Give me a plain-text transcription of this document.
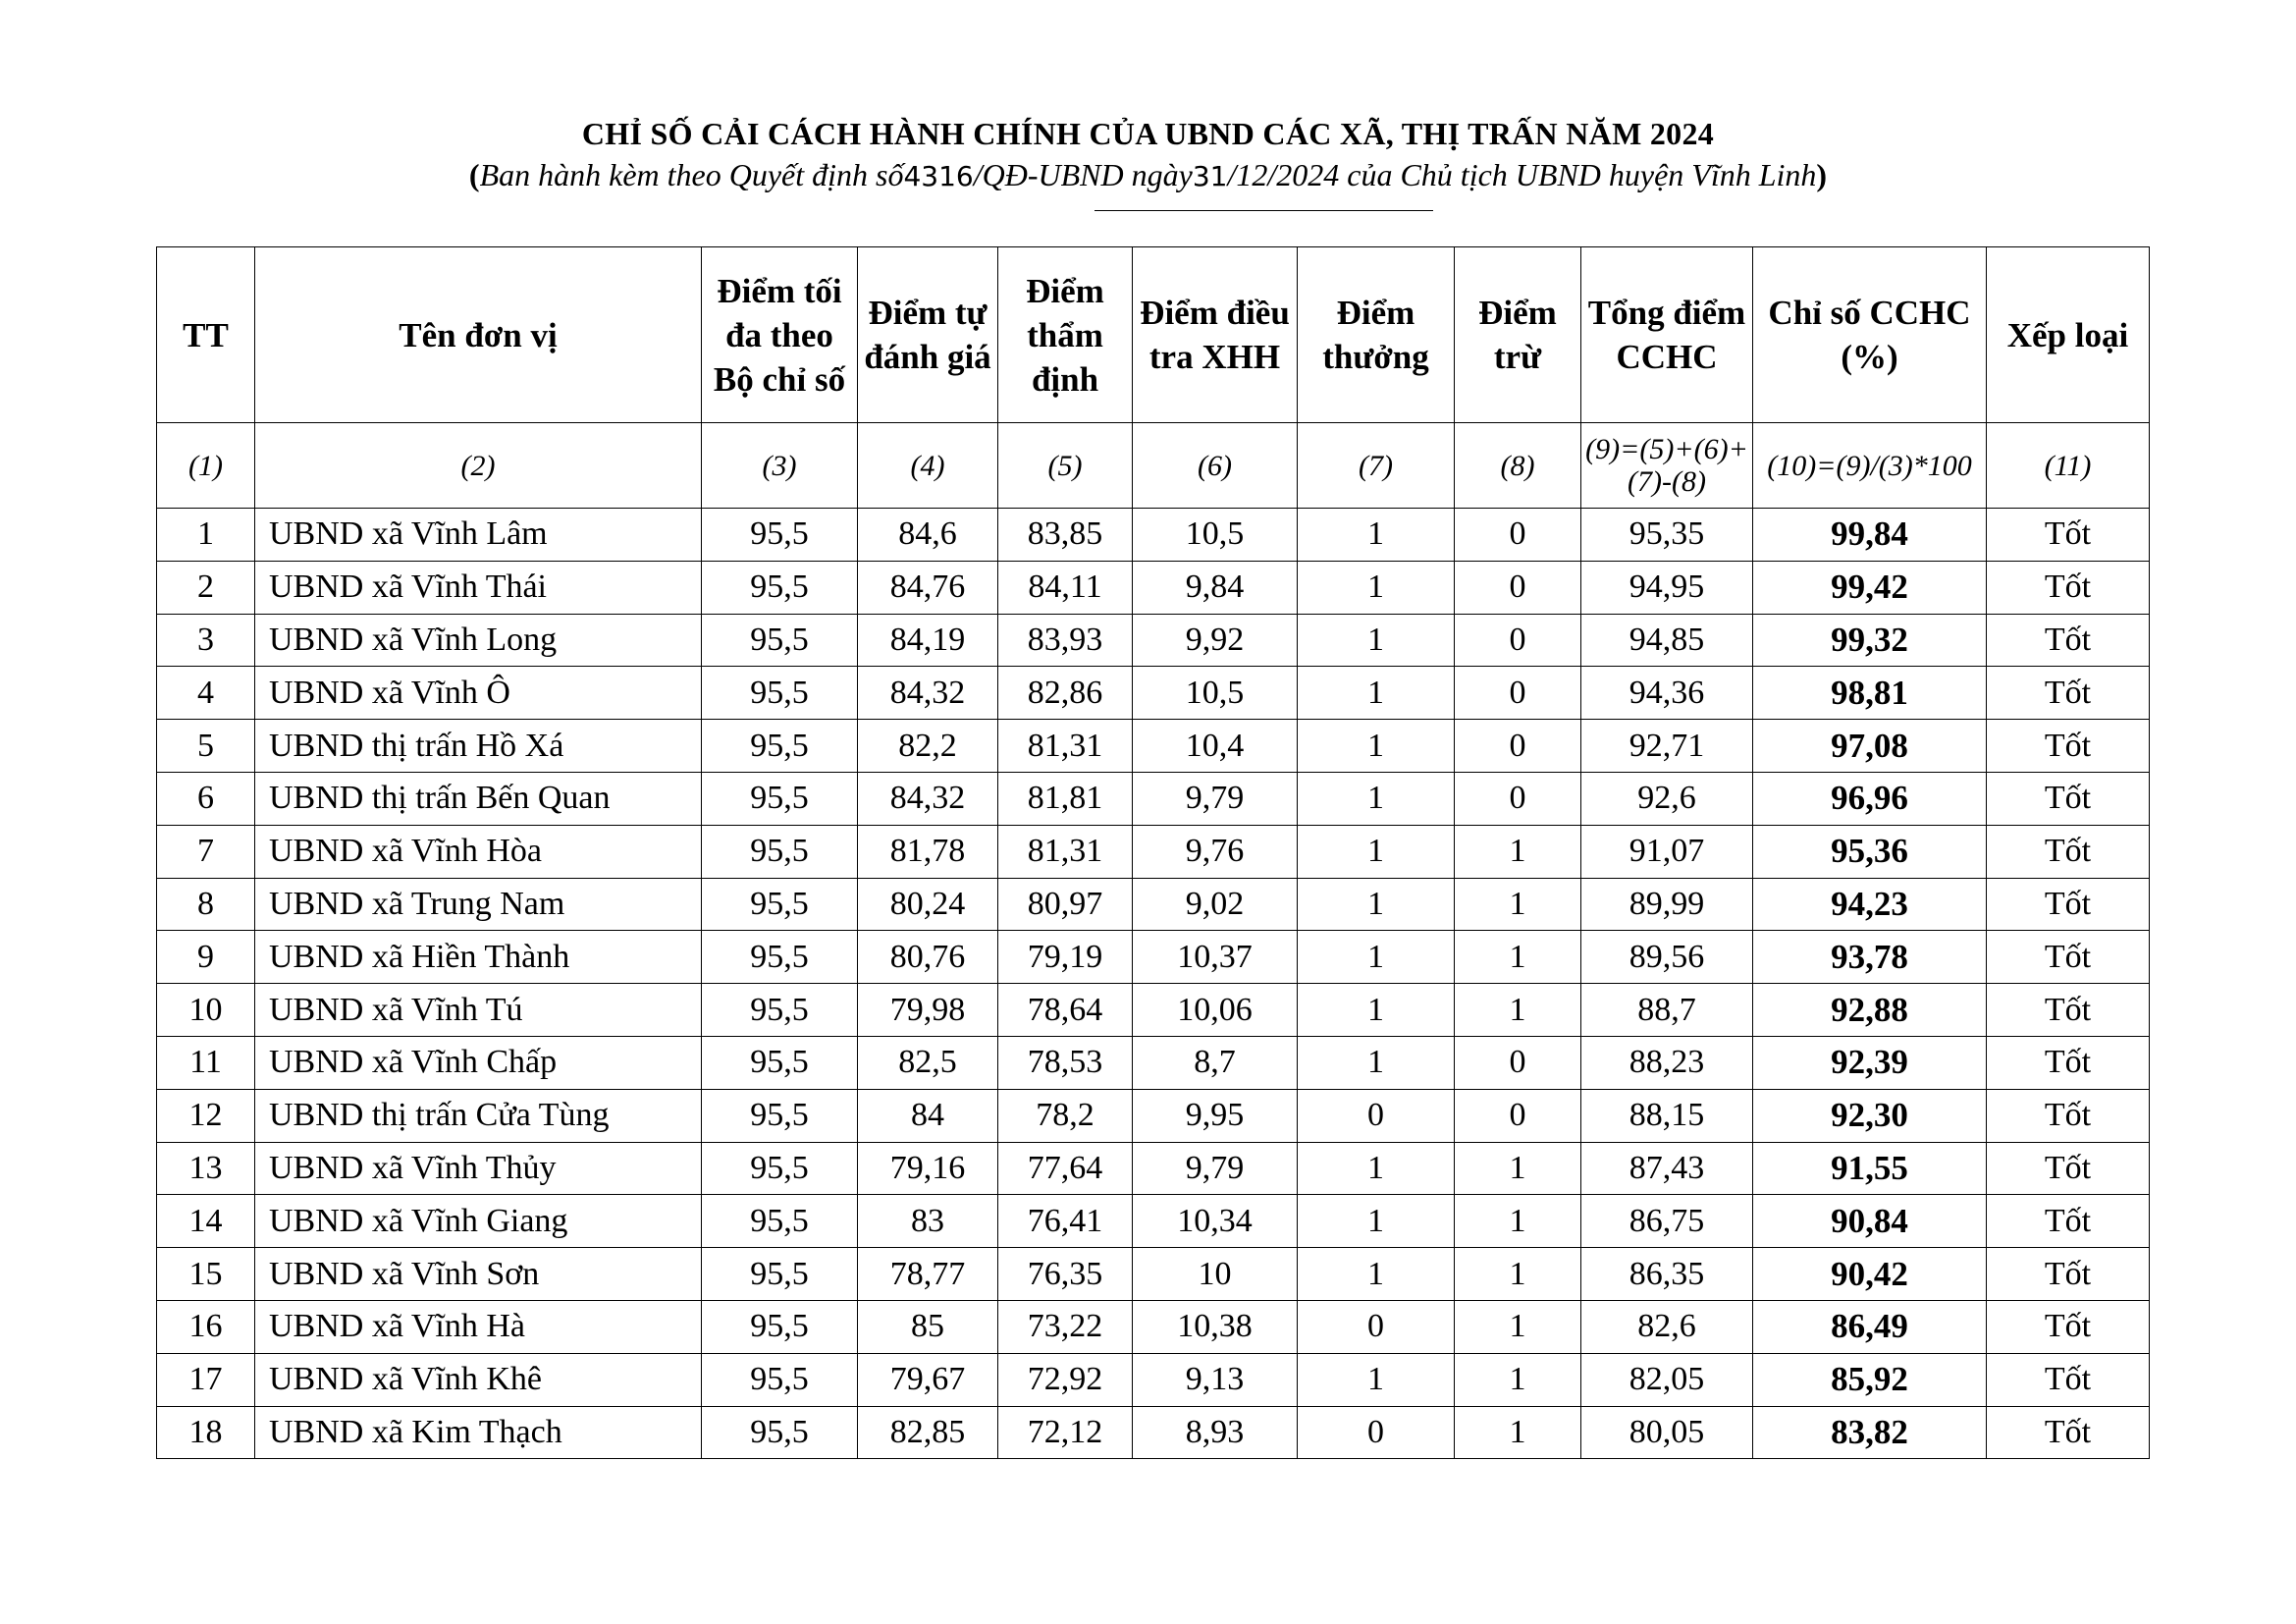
CHỈ SỐ CẢI CÁCH HÀNH CHÍNH CỦA UBND CÁC XÃ, THỊ TRẤN NĂM 2024
(Ban hành kèm theo Quyết định số4316/QĐ-UBND ngày31/12/2024 của Chủ tịch UBND huyện Vĩnh Linh)
TT	Tên đơn vị	Điểm tối đa theo Bộ chỉ số	Điểm tự đánh giá	Điểm thẩm định	Điểm điều tra XHH	Điểm thưởng	Điểm trừ	Tổng điểm CCHC	Chỉ số CCHC (%)	Xếp loại
(1)	(2)	(3)	(4)	(5)	(6)	(7)	(8)	(9)=(5)+(6)+(7)-(8)	(10)=(9)/(3)*100	(11)
1	UBND xã Vĩnh Lâm	95,5	84,6	83,85	10,5	1	0	95,35	99,84	Tốt
2	UBND xã Vĩnh Thái	95,5	84,76	84,11	9,84	1	0	94,95	99,42	Tốt
3	UBND xã Vĩnh Long	95,5	84,19	83,93	9,92	1	0	94,85	99,32	Tốt
4	UBND xã Vĩnh Ô	95,5	84,32	82,86	10,5	1	0	94,36	98,81	Tốt
5	UBND thị trấn Hồ Xá	95,5	82,2	81,31	10,4	1	0	92,71	97,08	Tốt
6	UBND thị trấn Bến Quan	95,5	84,32	81,81	9,79	1	0	92,6	96,96	Tốt
7	UBND xã Vĩnh Hòa	95,5	81,78	81,31	9,76	1	1	91,07	95,36	Tốt
8	UBND xã Trung Nam	95,5	80,24	80,97	9,02	1	1	89,99	94,23	Tốt
9	UBND xã Hiền Thành	95,5	80,76	79,19	10,37	1	1	89,56	93,78	Tốt
10	UBND xã Vĩnh Tú	95,5	79,98	78,64	10,06	1	1	88,7	92,88	Tốt
11	UBND xã Vĩnh Chấp	95,5	82,5	78,53	8,7	1	0	88,23	92,39	Tốt
12	UBND thị trấn Cửa Tùng	95,5	84	78,2	9,95	0	0	88,15	92,30	Tốt
13	UBND xã Vĩnh Thủy	95,5	79,16	77,64	9,79	1	1	87,43	91,55	Tốt
14	UBND xã Vĩnh Giang	95,5	83	76,41	10,34	1	1	86,75	90,84	Tốt
15	UBND xã Vĩnh Sơn	95,5	78,77	76,35	10	1	1	86,35	90,42	Tốt
16	UBND xã Vĩnh Hà	95,5	85	73,22	10,38	0	1	82,6	86,49	Tốt
17	UBND xã Vĩnh Khê	95,5	79,67	72,92	9,13	1	1	82,05	85,92	Tốt
18	UBND xã Kim Thạch	95,5	82,85	72,12	8,93	0	1	80,05	83,82	Tốt
